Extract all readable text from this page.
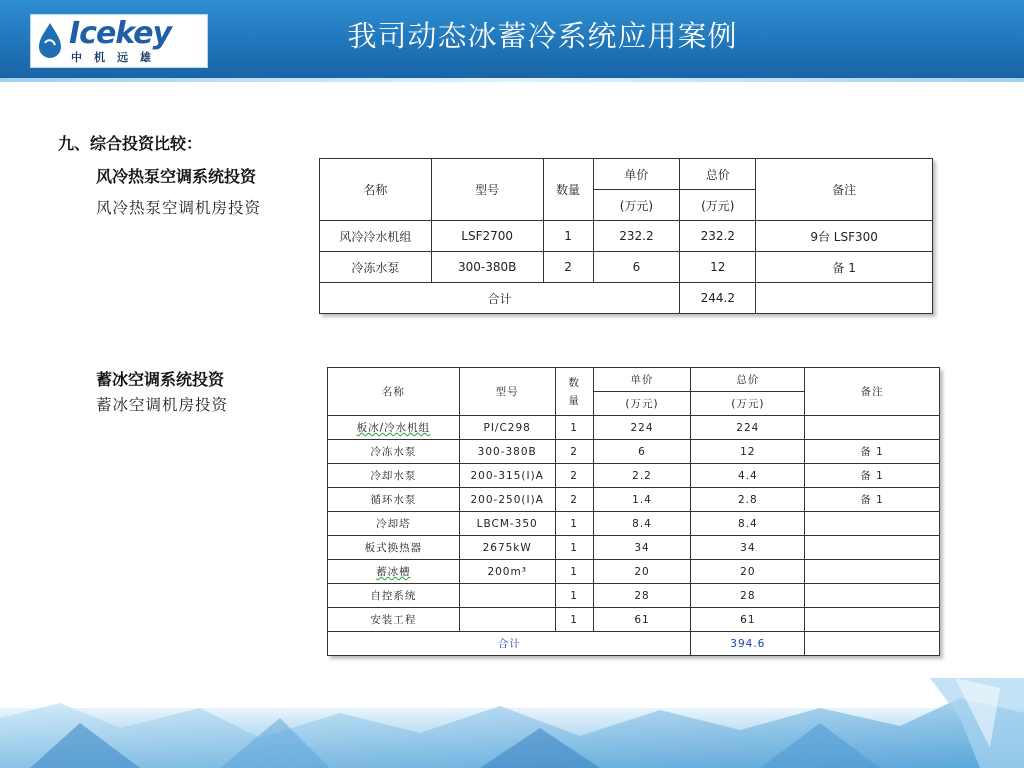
Icekey
中机远雄
我司动态冰蓄冷系统应用案例
九、综合投资比较：
风冷热泵空调系统投资
风冷热泵空调机房投资
蓄冰空调系统投资
蓄冰空调机房投资
名称	型号	数量	单价	总价	备注
			(万元)	(万元)	
风冷冷水机组	LSF2700	1	232.2	232.2	9台 LSF300
冷冻水泵	300-380B	2	6	12	备 1
合计				244.2	
名称	型号	数量	单价	总价	备注
			(万元)	(万元)	
板冰/冷水机组	PI/C298	1	224	224	
冷冻水泵	300-380B	2	6	12	备 1
冷却水泵	200-315(I)A	2	2.2	4.4	备 1
循环水泵	200-250(I)A	2	1.4	2.8	备 1
冷却塔	LBCM-350	1	8.4	8.4	
板式换热器	2675kW	1	34	34	
蓄冰槽	200m³	1	20	20	
自控系统		1	28	28	
安装工程		1	61	61	
合计				394.6	
